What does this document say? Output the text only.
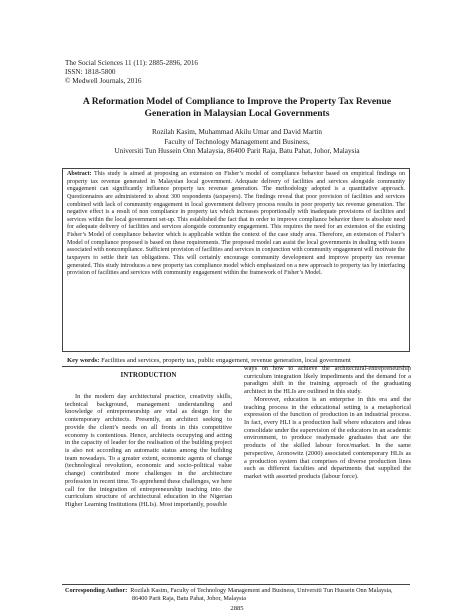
The Social Sciences 11 (11): 2885-2896, 2016
ISSN: 1818-5800
© Medwell Journals, 2016
A Reformation Model of Compliance to Improve the Property Tax Revenue Generation in Malaysian Local Governments
Rozilah Kasim, Muhammad Akilu Umar and David Martin
Faculty of Technology Management and Business,
Universiti Tun Hussein Onn Malaysia, 86400 Parit Raja, Batu Pahat, Johor, Malaysia

Abstract: This study is aimed at proposing an extension on Fisher’s model of compliance behavior based on empirical findings on property tax revenue generated in Malaysian local government. Adequate delivery of facilities and services alongside community engagement can significantly influence property tax revenue generation. The methodology adopted is a quantitative approach. Questionnaires are administered to about 300 respondents (taxpayers). The findings reveal that poor provision of facilities and services combined with lack of community engagement in local government delivery process results in poor property tax revenue generation. The negative effect is a result of non compliance in property tax which increases proportionally with inadequate provisions of facilities and services within the local government set-up. This established the fact that in order to improve compliance behavior there is absolute need for adequate delivery of facilities and services alongside community engagement. This requires the need for an extension of the existing Fisher’s Model of compliance behavior which is applicable within the context of the case study area. Therefore, an extension of Fisher’s Model of compliance proposed is based on these requirements. The proposed model can assist the local governments in dealing with issues associated with noncompliance. Sufficient provision of facilities and services in conjunction with community engagement will motivate the taxpayers to settle their tax obligations. This will certainly encourage community development and improve property tax revenue generated. This study introduces a new property tax compliance model which emphasized on a new approach to property tax by interfacing provision of facilities and services with community engagement within the framework of Fisher’s Model.

Key words: Facilities and services, property tax, public engagement, revenue generation, local government
INTRODUCTION

In the modern day architectural practice, creativity skills, technical background, management understanding and knowledge of entrepreneurship are vital as design for the contemporary architects. Presently, an architect seeking to provide the client’s needs on all fronts in this competitive economy is contentious. Hence, architects occupying and acting in the capacity of leader for the realisation of the building project is also not according an automatic status among the building team nowadays. To a greater extent, economic agents of change (technological revolution, economic and socio-political value change) contributed more challenges in the architecture profession in recent time. To apprehend these challenges, we here call for the integration of entrepreneurship teaching into the curriculum structure of architectural education in the Nigerian Higher Learning Institutions (HLIs). Most importantly, possible

ways on how to achieve the architectural-entrepreneurship curriculum integration likely impediments and the demand for a paradigm shift in the training approach of the graduating architect in the HLIs are outlined in this study.

Moreover, education is an enterprise in this era and the teaching process in the educational setting is a metaphorical expression of the function of production in an industrial process. In fact, every HLI is a production hall where educators and ideas consolidate under the supervision of the educators in an academic environment, to produce readymade graduates that are the products of the skilled labour force/market. In the same perspective, Aronowitz (2000) associated contemporary HLIs as a production system that comprises of diverse production lines such as different faculties and departments that supplied the market with assorted products (labour force).

Corresponding Author: Rozilah Kasim, Faculty of Technology Management and Business, Universiti Tun Hussein Onn Malaysia,
86400 Parit Raja, Batu Pahat, Johor, Malaysia
2885
